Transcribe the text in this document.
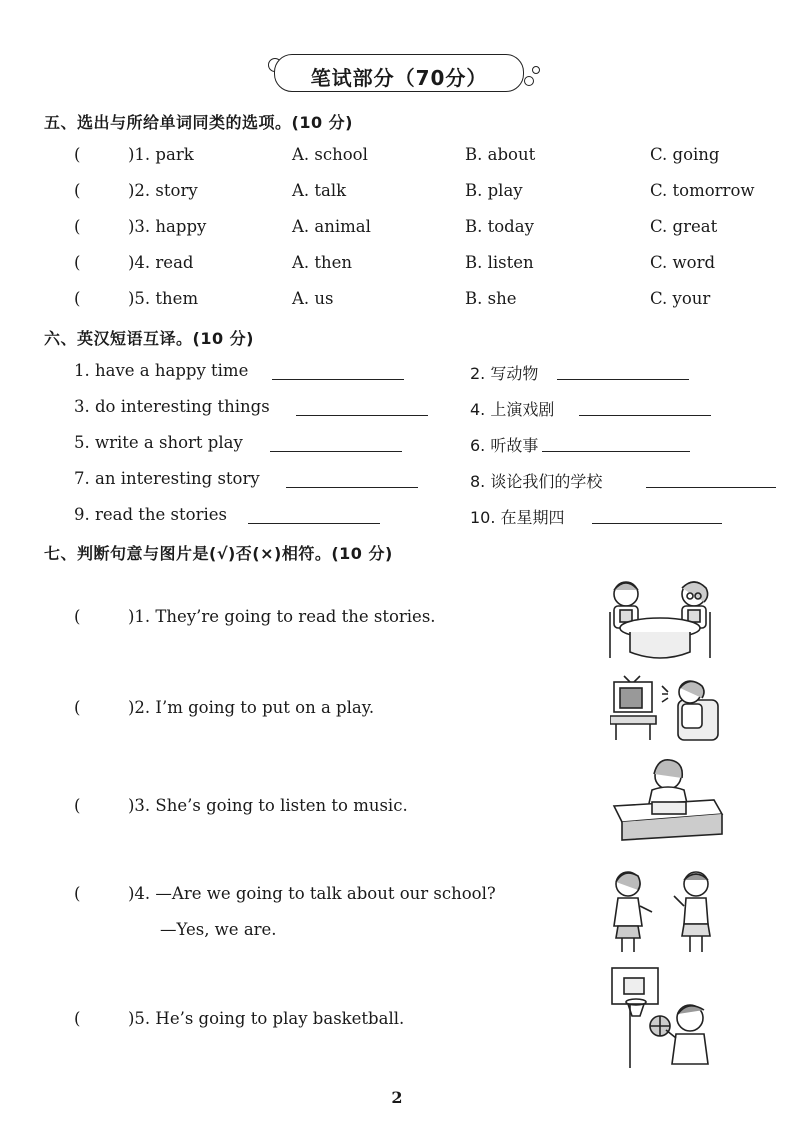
笔试部分（70分）
五、选出与所给单词同类的选项。(10 分)
(	)1. park	A. school	B. about	C. going
(	)2. story	A. talk	B. play	C. tomorrow
(	)3. happy	A. animal	B. today	C. great
(	)4. read	A. then	B. listen	C. word
(	)5. them	A. us	B. she	C. your
六、英汉短语互译。(10 分)
1. have a happy time	2. 写动物
3. do interesting things	4. 上演戏剧
5. write a short play	6. 听故事
7. an interesting story	8. 谈论我们的学校
9. read the stories	10. 在星期四
七、判断句意与图片是(√)否(×)相符。(10 分)
(	)1. They’re going to read the stories.
(	)2. I’m going to put on a play.
(	)3. She’s going to listen to music.
(	)4. —Are we going to talk about our school?
—Yes, we are.
(	)5. He’s going to play basketball.
2
